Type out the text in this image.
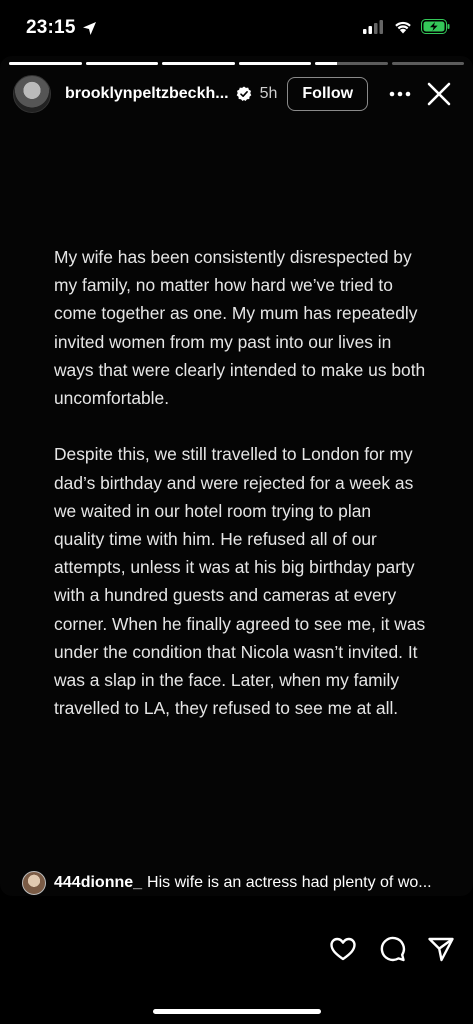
23:15
brooklynpeltzbeckh... 5h	Follow

My wife has been consistently disrespected by my family, no matter how hard we’ve tried to come together as one. My mum has repeatedly invited women from my past into our lives in ways that were clearly intended to make us both uncomfortable.

Despite this, we still travelled to London for my dad’s birthday and were rejected for a week as we waited in our hotel room trying to plan quality time with him. He refused all of our attempts, unless it was at his big birthday party with a hundred guests and cameras at every corner. When he finally agreed to see me, it was under the condition that Nicola wasn’t invited. It was a slap in the face. Later, when my family travelled to LA, they refused to see me at all.

444dionne_ His wife is an actress had plenty of wo...
